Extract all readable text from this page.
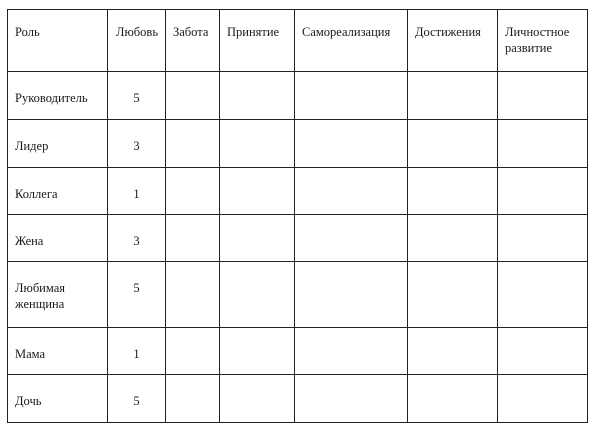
Роль	Любовь	Забота	Принятие	Самореализация	Достижения	Личностное развитие

Руководитель	5					

Лидер	3					

Коллега	1					

Жена	3					

Любимая женщина	5					

Мама	1					

Дочь	5					
